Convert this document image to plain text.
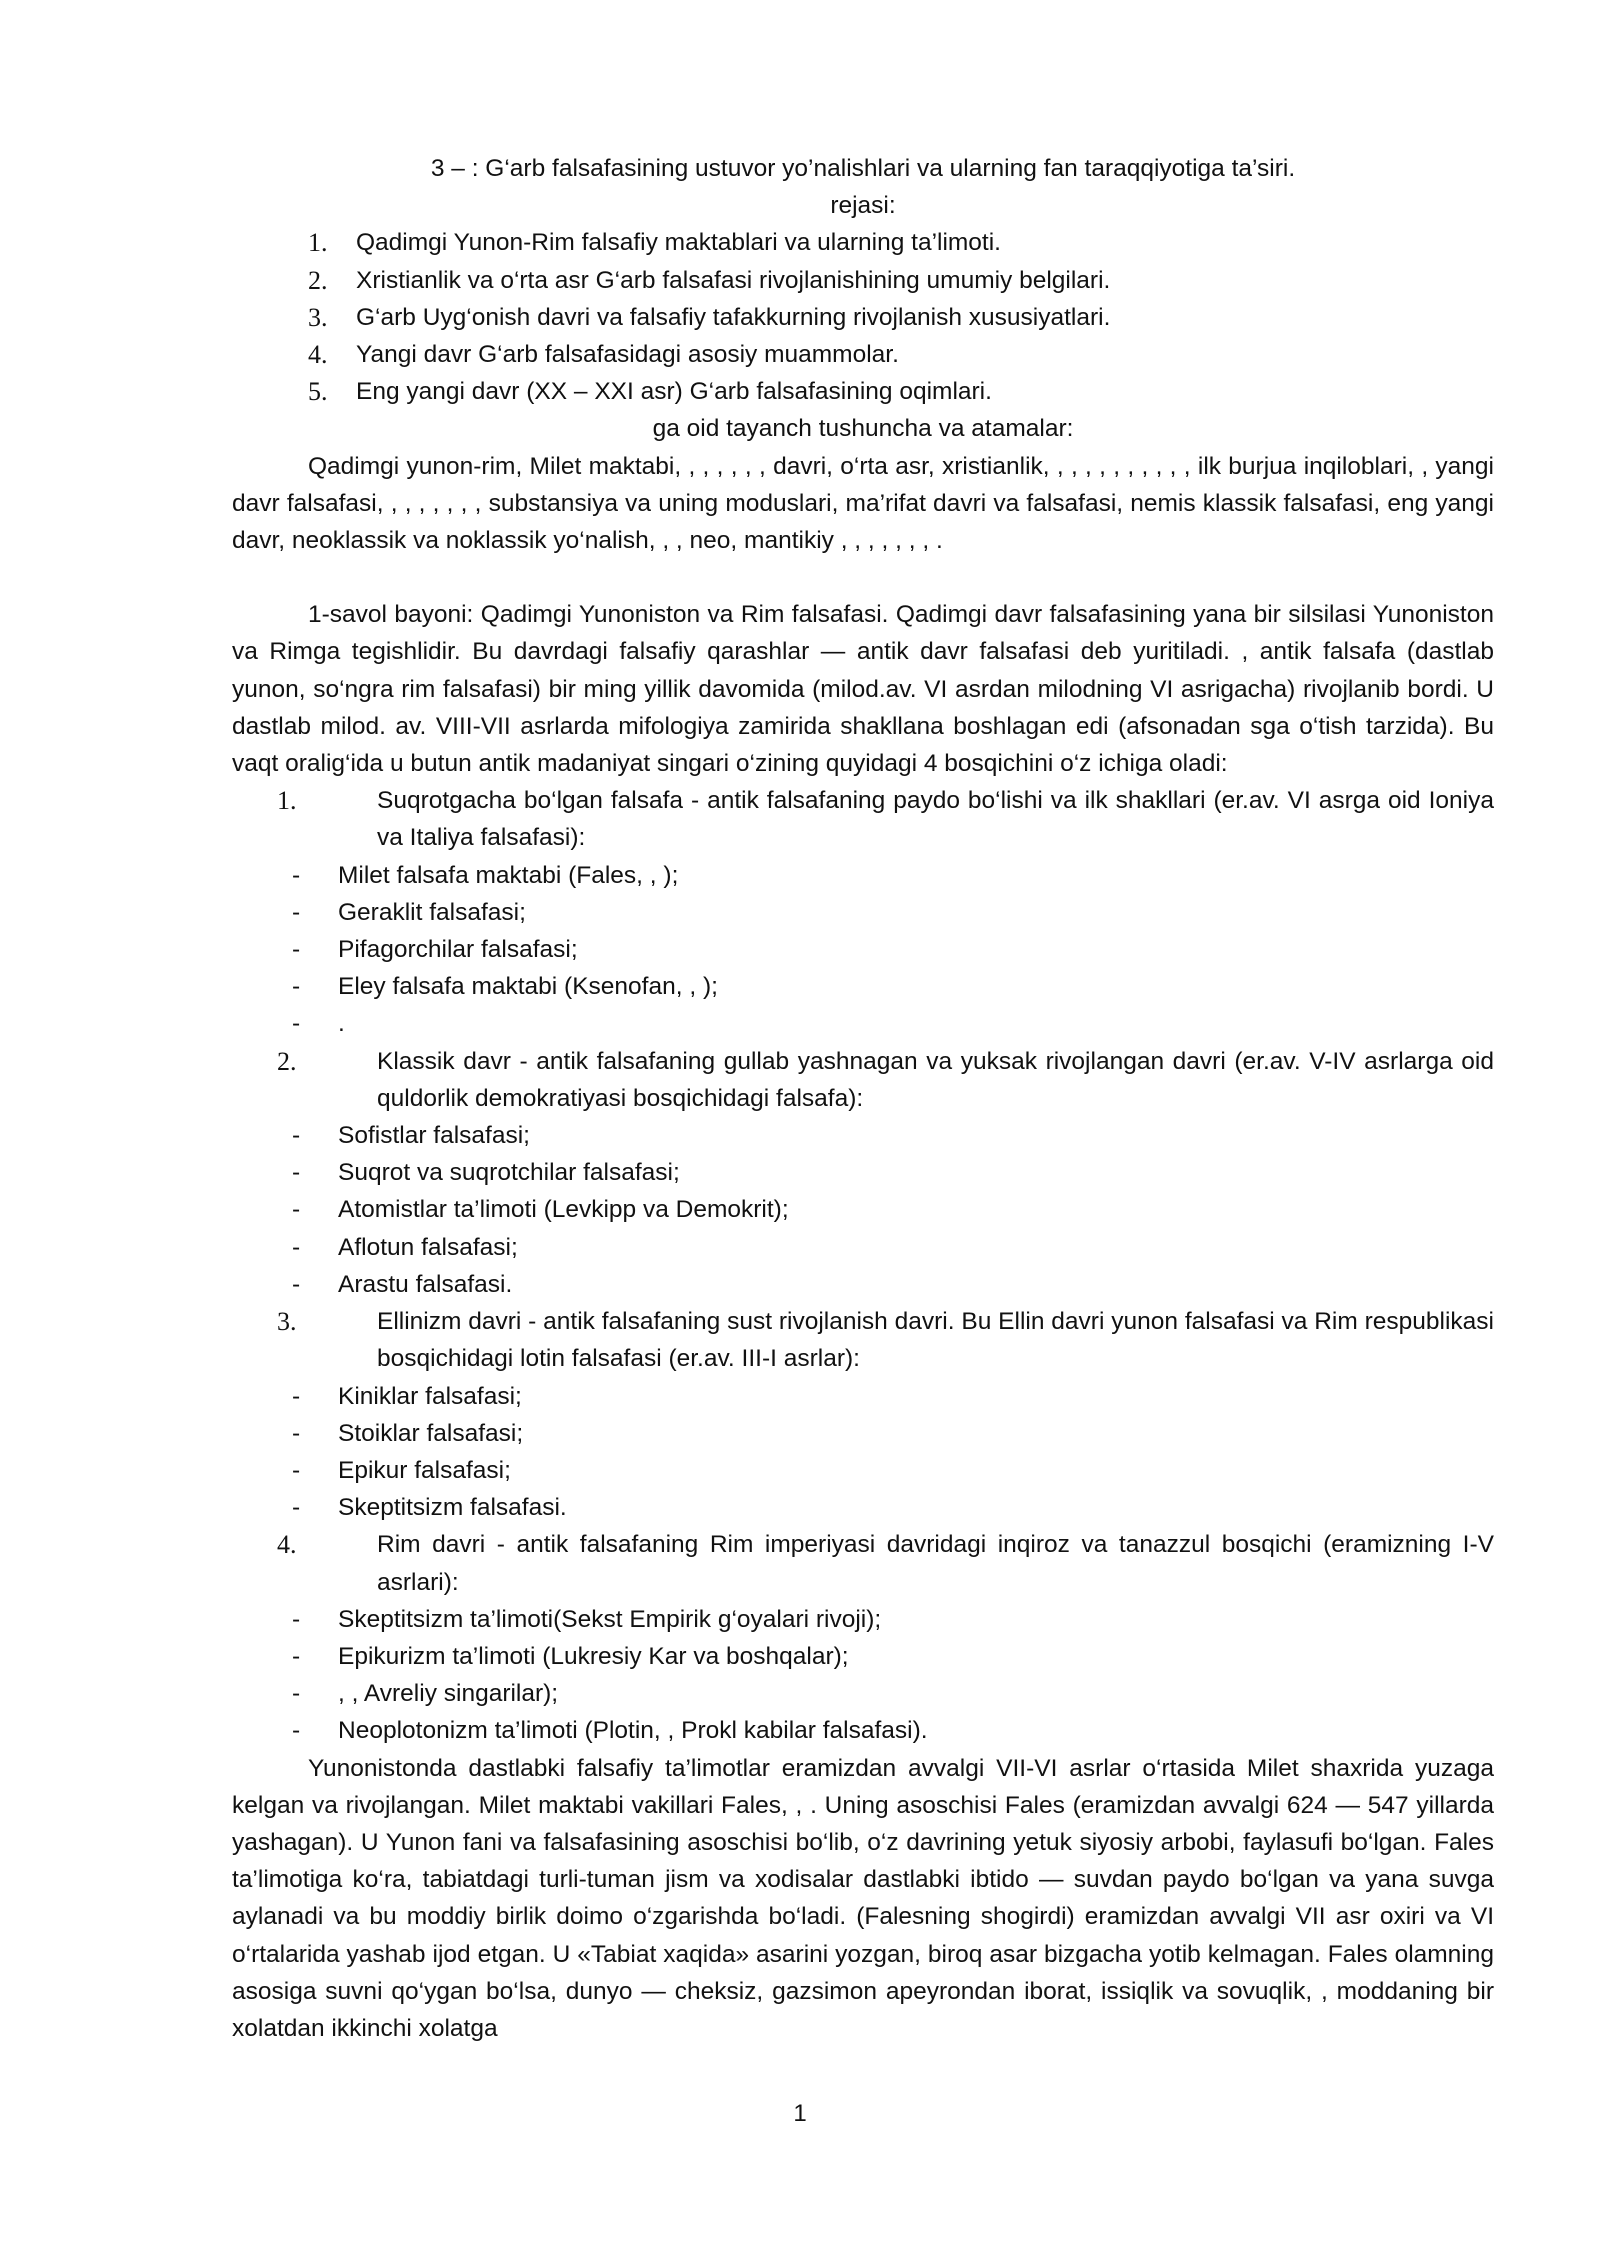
3 – : G‘arb falsafasining ustuvor yo’nalishlari va ularning fan taraqqiyotiga ta’siri.
rejasi:
1. Qadimgi Yunon-Rim falsafiy maktablari va ularning ta’limoti.
2. Xristianlik va o‘rta asr G‘arb falsafasi rivojlanishining umumiy belgilari.
3. G‘arb Uyg‘onish davri va falsafiy tafakkurning rivojlanish xususiyatlari.
4. Yangi davr G‘arb falsafasidagi asosiy muammolar.
5. Eng yangi davr (XX – XXI asr) G‘arb falsafasining oqimlari.
ga oid tayanch tushuncha va atamalar:
Qadimgi yunon-rim, Milet maktabi, , , , , , , davri, o‘rta asr, xristianlik, , , , , , , , , , , ilk burjua inqiloblari, , yangi davr falsafasi, , , , , , , , substansiya va uning moduslari, ma’rifat davri va falsafasi, nemis klassik falsafasi, eng yangi davr, neoklassik va noklassik yo‘nalish, , , neo, mantikiy , , , , , , , .
1-savol bayoni: Qadimgi Yunoniston va Rim falsafasi. Qadimgi davr falsafasining yana bir silsilasi Yunoniston va Rimga tegishlidir. Bu davrdagi falsafiy qarashlar — antik davr falsafasi deb yuritiladi. , antik falsafa (dastlab yunon, so‘ngra rim falsafasi) bir ming yillik davomida (milod.av. VI asrdan milodning VI asrigacha) rivojlanib bordi. U dastlab milod. av. VIII-VII asrlarda mifologiya zamirida shakllana boshlagan edi (afsonadan sga o‘tish tarzida). Bu vaqt oralig‘ida u butun antik madaniyat singari o‘zining quyidagi 4 bosqichini o‘z ichiga oladi:
1.	Suqrotgacha bo‘lgan falsafa - antik falsafaning paydo bo‘lishi va ilk shakllari (er.av. VI asrga oid Ioniya va Italiya falsafasi):
- Milet falsafa maktabi (Fales, , );
- Geraklit falsafasi;
- Pifagorchilar falsafasi;
- Eley falsafa maktabi (Ksenofan, , );
- .
2.	Klassik davr - antik falsafaning gullab yashnagan va yuksak rivojlangan davri (er.av. V-IV asrlarga oid quldorlik demokratiyasi bosqichidagi falsafa):
- Sofistlar falsafasi;
- Suqrot va suqrotchilar falsafasi;
- Atomistlar ta’limoti (Levkipp va Demokrit);
- Aflotun falsafasi;
- Arastu falsafasi.
3.	Ellinizm davri - antik falsafaning sust rivojlanish davri. Bu Ellin davri yunon falsafasi va Rim respublikasi bosqichidagi lotin falsafasi (er.av. III-I asrlar):
- Kiniklar falsafasi;
- Stoiklar falsafasi;
- Epikur falsafasi;
- Skeptitsizm falsafasi.
4.	Rim davri - antik falsafaning Rim imperiyasi davridagi inqiroz va tanazzul bosqichi (eramizning I-V asrlari):
- Skeptitsizm ta’limoti(Sekst Empirik g‘oyalari rivoji);
- Epikurizm ta’limoti (Lukresiy Kar va boshqalar);
- , , Avreliy singarilar);
- Neoplotonizm ta’limoti (Plotin, , Prokl kabilar falsafasi).
Yunonistonda dastlabki falsafiy ta’limotlar eramizdan avvalgi VII-VI asrlar o‘rtasida Milet shaxrida yuzaga kelgan va rivojlangan. Milet maktabi vakillari Fales, , . Uning asoschisi Fales (eramizdan avvalgi 624 — 547 yillarda yashagan). U Yunon fani va falsafasining asoschisi bo‘lib, o‘z davrining yetuk siyosiy arbobi, faylasufi bo‘lgan. Fales ta’limotiga ko‘ra, tabiatdagi turli-tuman jism va xodisalar dastlabki ibtido — suvdan paydo bo‘lgan va yana suvga aylanadi va bu moddiy birlik doimo o‘zgarishda bo‘ladi. (Falesning shogirdi) eramizdan avvalgi VII asr oxiri va VI o‘rtalarida yashab ijod etgan. U «Tabiat xaqida» asarini yozgan, biroq asar bizgacha yotib kelmagan. Fales olamning asosiga suvni qo‘ygan bo‘lsa, dunyo — cheksiz, gazsimon apeyrondan iborat, issiqlik va sovuqlik, , moddaning bir xolatdan ikkinchi xolatga
1
